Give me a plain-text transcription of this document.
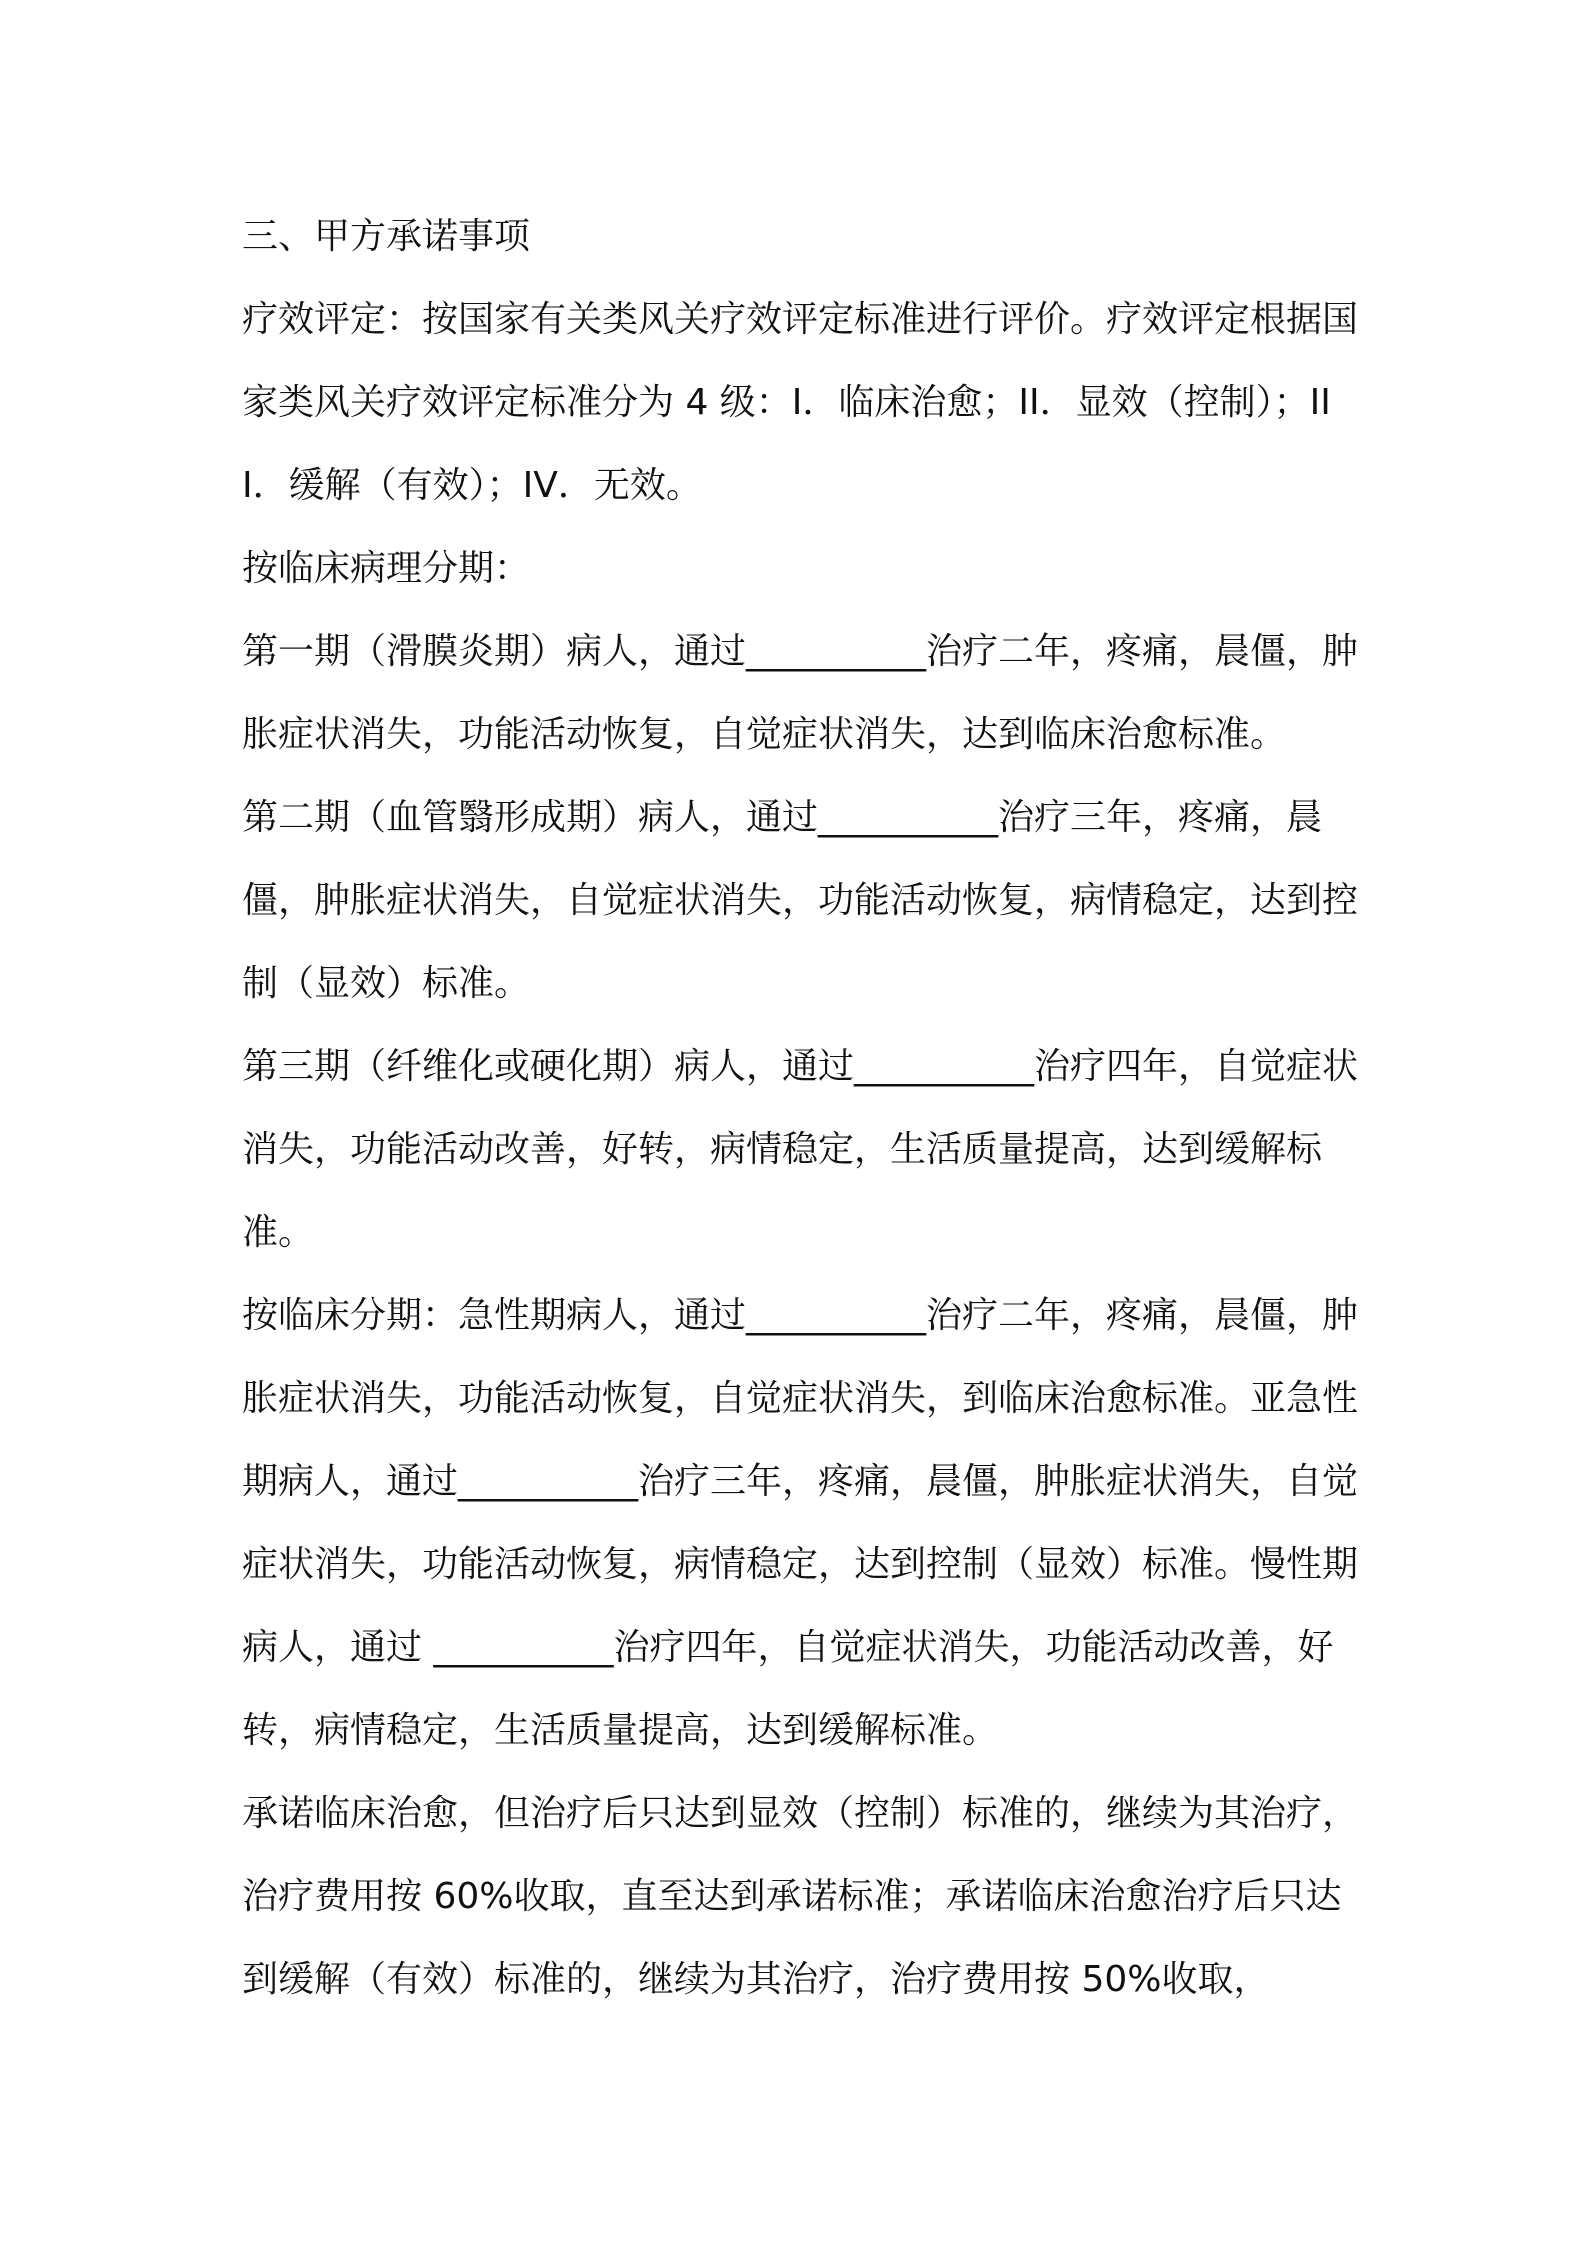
三、甲方承诺事项

疗效评定：按国家有关类风关疗效评定标准进行评价。疗效评定根据国家类风关疗效评定标准分为 4 级：I．临床治愈；II．显效（控制）；III．缓解（有效）；IV．无效。

按临床病理分期：

第一期（滑膜炎期）病人，通过__________治疗二年，疼痛，晨僵，肿胀症状消失，功能活动恢复，自觉症状消失，达到临床治愈标准。

第二期（血管翳形成期）病人，通过__________治疗三年，疼痛，晨僵，肿胀症状消失，自觉症状消失，功能活动恢复，病情稳定，达到控制（显效）标准。

第三期（纤维化或硬化期）病人，通过__________治疗四年，自觉症状消失，功能活动改善，好转，病情稳定，生活质量提高，达到缓解标准。

按临床分期：急性期病人，通过__________治疗二年，疼痛，晨僵，肿胀症状消失，功能活动恢复，自觉症状消失，到临床治愈标准。亚急性期病人，通过__________治疗三年，疼痛，晨僵，肿胀症状消失，自觉症状消失，功能活动恢复，病情稳定，达到控制（显效）标准。慢性期病人，通过 __________治疗四年，自觉症状消失，功能活动改善，好转，病情稳定，生活质量提高，达到缓解标准。

承诺临床治愈，但治疗后只达到显效（控制）标准的，继续为其治疗，治疗费用按 60%收取，直至达到承诺标准；承诺临床治愈治疗后只达到缓解（有效）标准的，继续为其治疗，治疗费用按 50%收取，
